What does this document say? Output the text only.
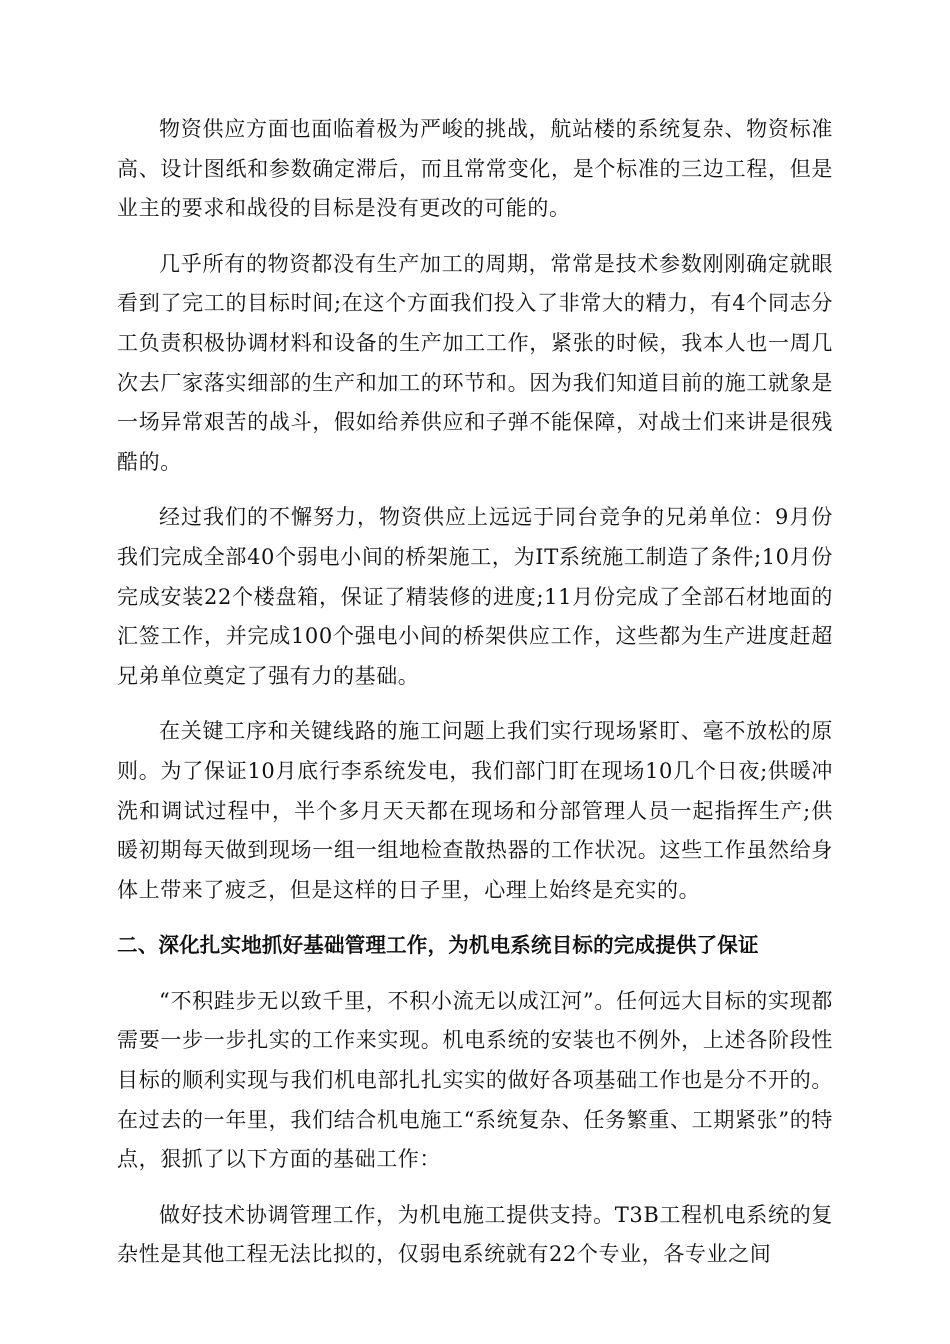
物资供应方面也面临着极为严峻的挑战，航站楼的系统复杂、物资标准高、设计图纸和参数确定滞后，而且常常变化，是个标准的三边工程，但是业主的要求和战役的目标是没有更改的可能的。

几乎所有的物资都没有生产加工的周期，常常是技术参数刚刚确定就眼看到了完工的目标时间;在这个方面我们投入了非常大的精力，有4个同志分工负责积极协调材料和设备的生产加工工作，紧张的时候，我本人也一周几次去厂家落实细部的生产和加工的环节和。因为我们知道目前的施工就象是一场异常艰苦的战斗，假如给养供应和子弹不能保障，对战士们来讲是很残酷的。

经过我们的不懈努力，物资供应上远远于同台竞争的兄弟单位：9月份我们完成全部40个弱电小间的桥架施工，为IT系统施工制造了条件;10月份完成安装22个楼盘箱，保证了精装修的进度;11月份完成了全部石材地面的汇签工作，并完成100个强电小间的桥架供应工作，这些都为生产进度赶超兄弟单位奠定了强有力的基础。

在关键工序和关键线路的施工问题上我们实行现场紧盯、毫不放松的原则。为了保证10月底行李系统发电，我们部门盯在现场10几个日夜;供暖冲洗和调试过程中，半个多月天天都在现场和分部管理人员一起指挥生产;供暖初期每天做到现场一组一组地检查散热器的工作状况。这些工作虽然给身体上带来了疲乏，但是这样的日子里，心理上始终是充实的。

二、深化扎实地抓好基础管理工作，为机电系统目标的完成提供了保证

“不积跬步无以致千里，不积小流无以成江河”。任何远大目标的实现都需要一步一步扎实的工作来实现。机电系统的安装也不例外，上述各阶段性目标的顺利实现与我们机电部扎扎实实的做好各项基础工作也是分不开的。在过去的一年里，我们结合机电施工“系统复杂、任务繁重、工期紧张”的特点，狠抓了以下方面的基础工作：

做好技术协调管理工作，为机电施工提供支持。T3B工程机电系统的复杂性是其他工程无法比拟的，仅弱电系统就有22个专业，各专业之间
